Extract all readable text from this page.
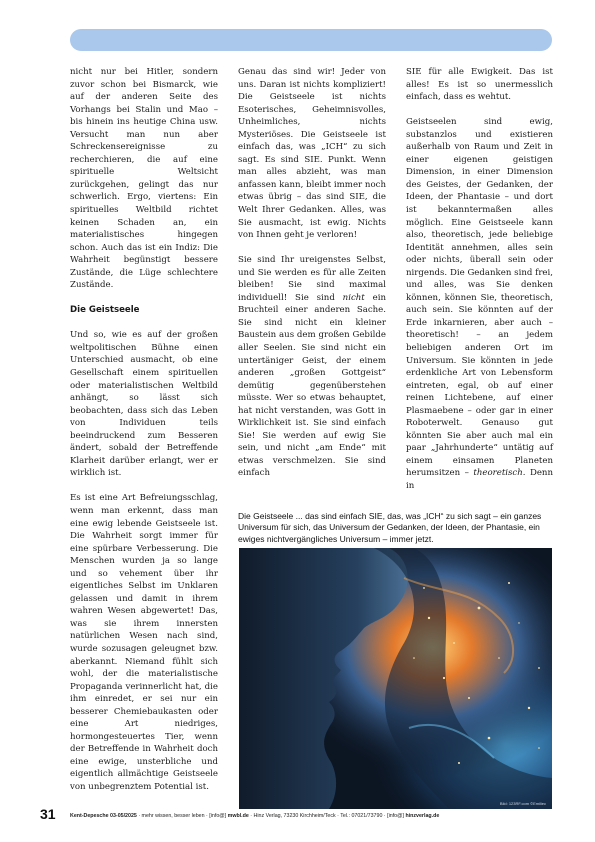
nicht nur bei Hitler, sondern zuvor schon bei Bismarck, wie auf der anderen Seite des Vorhangs bei Stalin und Mao – bis hinein ins heutige China usw. Versucht man nun aber Schreckensereignisse zu recherchieren, die auf eine spirituelle Weltsicht zurückgehen, gelingt das nur schwerlich. Ergo, viertens: Ein spirituelles Weltbild richtet keinen Schaden an, ein materialistisches hingegen schon. Auch das ist ein Indiz: Die Wahrheit begünstigt bessere Zustände, die Lüge schlechtere Zustände.

Die Geistseele

Und so, wie es auf der großen weltpolitischen Bühne einen Unterschied ausmacht, ob eine Gesellschaft einem spirituellen oder materialistischen Weltbild anhängt, so lässt sich beobachten, dass sich das Leben von Individuen teils beeindruckend zum Besseren ändert, sobald der Betreffende Klarheit darüber erlangt, wer er wirklich ist.

Es ist eine Art Befreiungsschlag, wenn man erkennt, dass man eine ewig lebende Geistseele ist. Die Wahrheit sorgt immer für eine spürbare Verbesserung. Die Menschen wurden ja so lange und so vehement über ihr eigentliches Selbst im Unklaren gelassen und damit in ihrem wahren Wesen abgewertet! Das, was sie ihrem innersten natürlichen Wesen nach sind, wurde sozusagen geleugnet bzw. aberkannt. Niemand fühlt sich wohl, der die materialistische Propaganda verinnerlicht hat, die ihm einredet, er sei nur ein besserer Chemiebaukasten oder eine Art niedriges, hormongesteuertes Tier, wenn der Betreffende in Wahrheit doch eine ewige, unsterbliche und eigentlich allmächtige Geistseele von unbegrenztem Potential ist.

Genau das sind wir! Jeder von uns. Daran ist nichts kompliziert! Die Geistseele ist nichts Esoterisches, Geheimnisvolles, Unheimliches, nichts Mysteriöses. Die Geistseele ist einfach das, was „ICH“ zu sich sagt. Es sind SIE. Punkt. Wenn man alles abzieht, was man anfassen kann, bleibt immer noch etwas übrig – das sind SIE, die Welt Ihrer Gedanken. Alles, was Sie ausmacht, ist ewig. Nichts von Ihnen geht je verloren!

Sie sind Ihr ureigenstes Selbst, und Sie werden es für alle Zeiten bleiben! Sie sind maximal individuell! Sie sind nicht ein Bruchteil einer anderen Sache. Sie sind nicht ein kleiner Baustein aus dem großen Gebilde aller Seelen. Sie sind nicht ein untertäniger Geist, der einem anderen „großen Gottgeist“ demütig gegenüberstehen müsste. Wer so etwas behauptet, hat nicht verstanden, was Gott in Wirklichkeit ist. Sie sind einfach Sie! Sie werden auf ewig Sie sein, und nicht „am Ende“ mit etwas verschmelzen. Sie sind einfach

SIE für alle Ewigkeit. Das ist alles! Es ist so unermesslich einfach, dass es wehtut.

Geistseelen sind ewig, substanzlos und existieren außerhalb von Raum und Zeit in einer eigenen geistigen Dimension, in einer Dimension des Geistes, der Gedanken, der Ideen, der Phantasie – und dort ist bekanntermaßen alles möglich. Eine Geistseele kann also, theoretisch, jede beliebige Identität annehmen, alles sein oder nichts, überall sein oder nirgends. Die Gedanken sind frei, und alles, was Sie denken können, können Sie, theoretisch, auch sein. Sie könnten auf der Erde inkarnieren, aber auch – theoretisch! – an jedem beliebigen anderen Ort im Universum. Sie könnten in jede erdenkliche Art von Lebensform eintreten, egal, ob auf einer reinen Lichtebene, auf einer Plasmaebene – oder gar in einer Roboterwelt. Genauso gut könnten Sie aber auch mal ein paar „Jahrhunderte“ untätig auf einem einsamen Planeten herumsitzen – theoretisch. Denn in

Die Geistseele ... das sind einfach SIE, das, was „ICH“ zu sich sagt – ein ganzes Universum für sich, das Universum der Gedanken, der Ideen, der Phantasie, ein ewiges nichtvergängliches Universum – immer jetzt.
Bild: 123RF.com ©Emiliec
31	Kent-Depesche 03-05/2025 · mehr wissen, besser leben · [info@] mwbl.de · Hinz Verlag, 73230 Kirchheim/Teck · Tel.: 07021/73790 · [info@] hinzverlag.de
